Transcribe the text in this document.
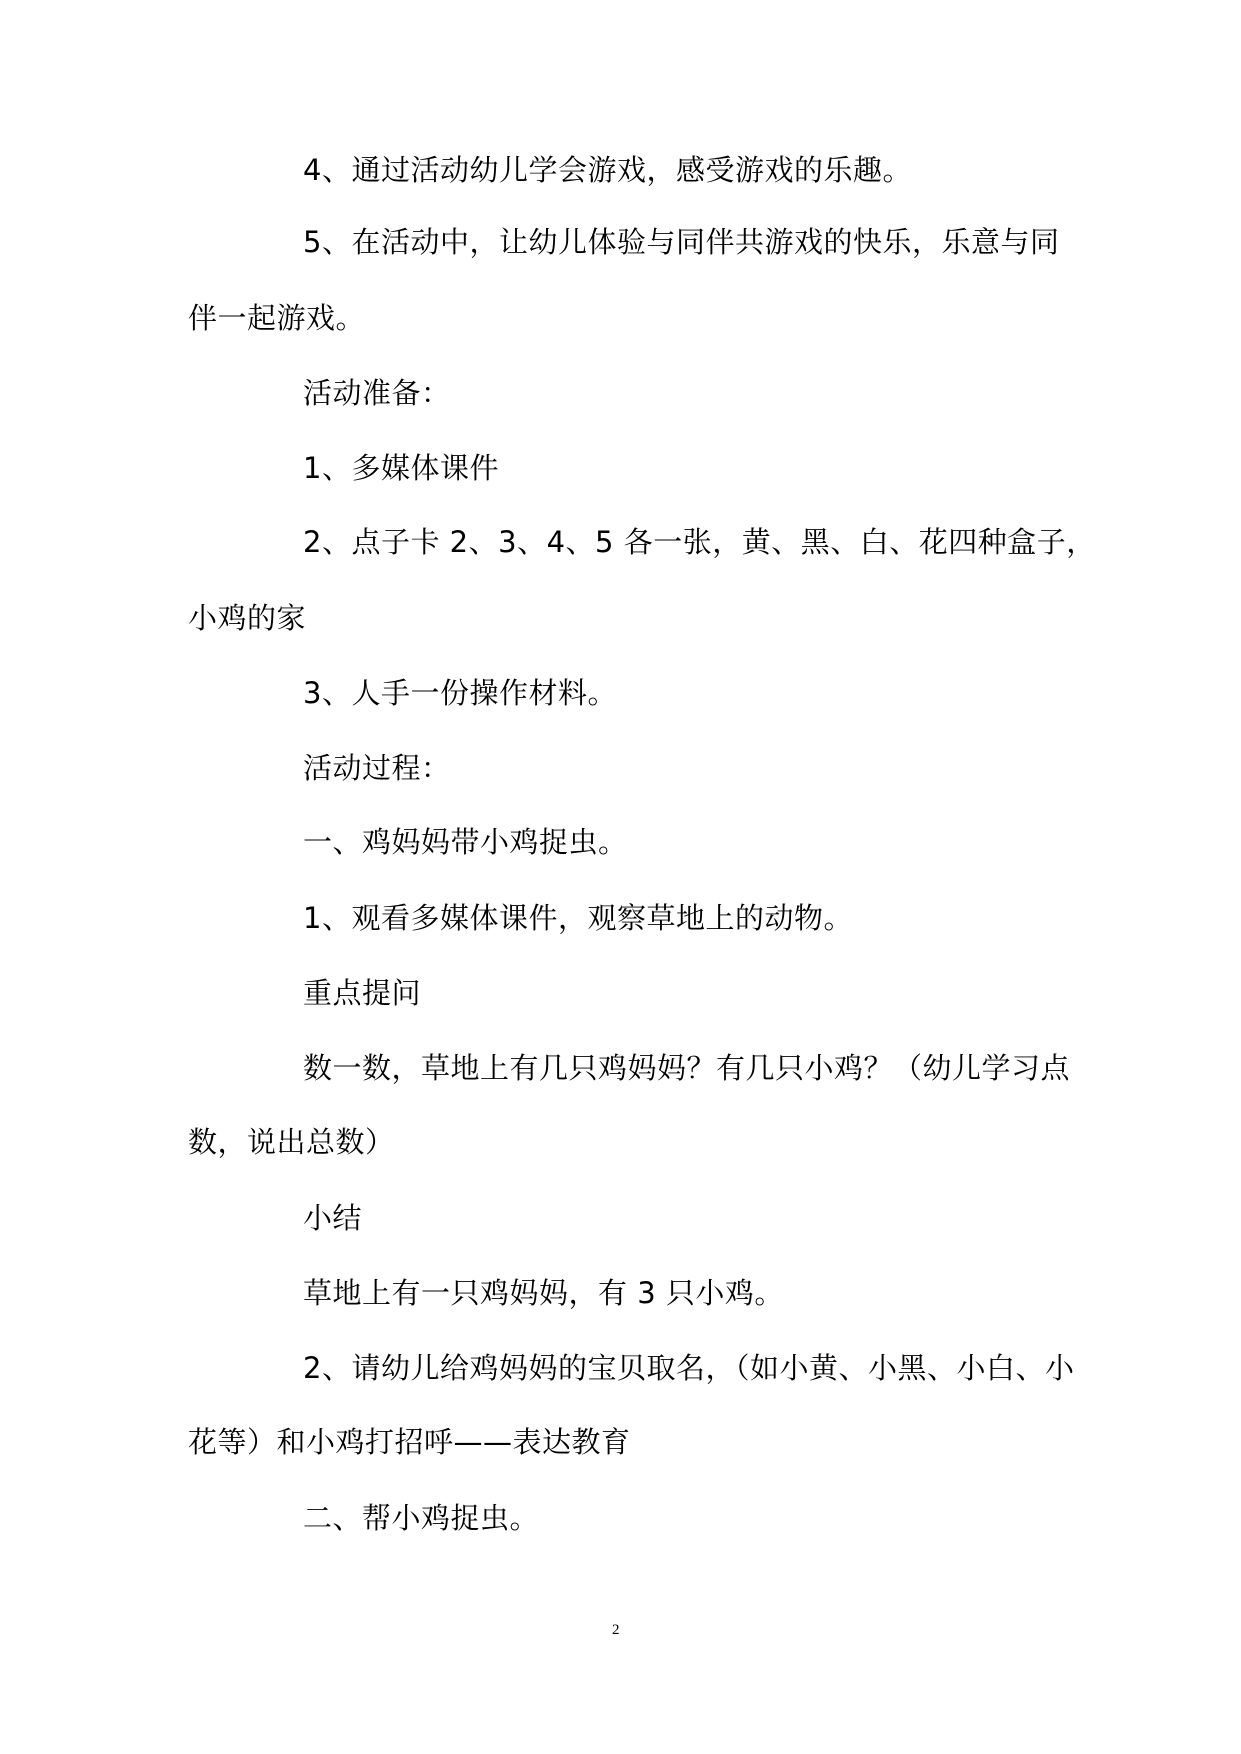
4、通过活动幼儿学会游戏，感受游戏的乐趣。
5、在活动中，让幼儿体验与同伴共游戏的快乐，乐意与同
伴一起游戏。
活动准备：
1、多媒体课件
2、点子卡 2、3、4、5 各一张，黄、黑、白、花四种盒子，
小鸡的家
3、人手一份操作材料。
活动过程：
一、鸡妈妈带小鸡捉虫。
1、观看多媒体课件，观察草地上的动物。
重点提问
数一数，草地上有几只鸡妈妈？有几只小鸡？（幼儿学习点
数，说出总数）
小结
草地上有一只鸡妈妈，有 3 只小鸡。
2、请幼儿给鸡妈妈的宝贝取名，（如小黄、小黑、小白、小
花等）和小鸡打招呼——表达教育
二、帮小鸡捉虫。
2
